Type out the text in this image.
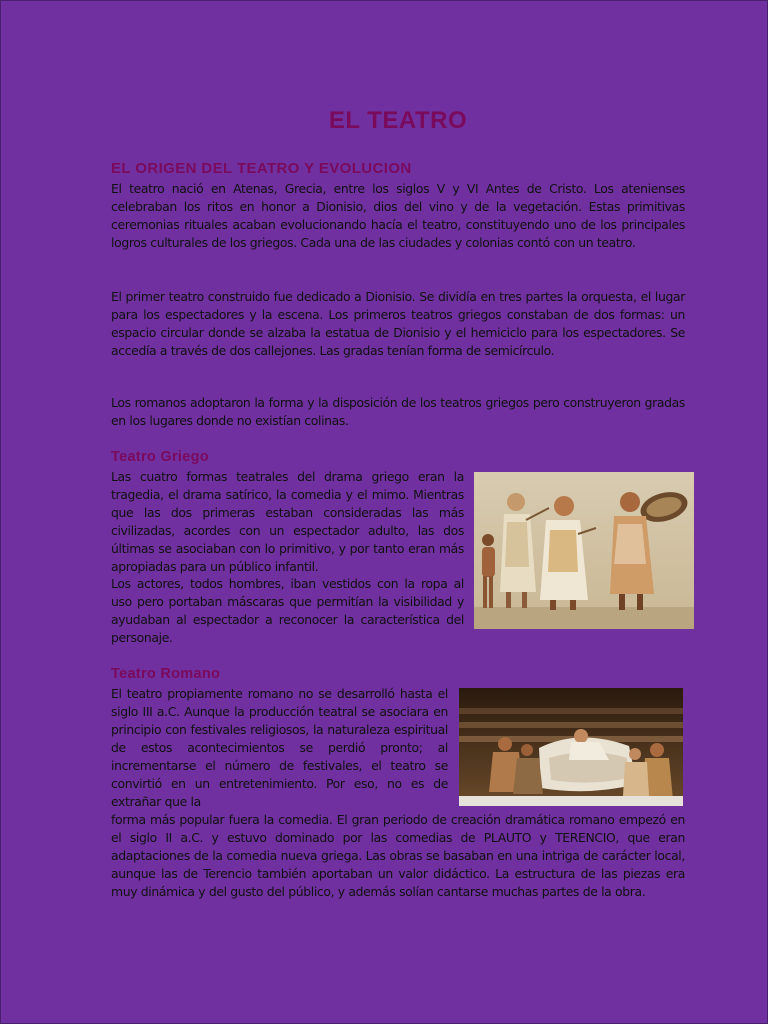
EL TEATRO
EL ORIGEN DEL TEATRO Y EVOLUCION
El teatro nació en Atenas, Grecia, entre los siglos V y VI Antes de Cristo. Los atenienses celebraban los ritos en honor a Dionisio, dios del vino y de la vegetación. Estas primitivas ceremonias rituales acaban evolucionando hacía el teatro, constituyendo uno de los principales logros culturales de los griegos. Cada una de las ciudades y colonias contó con un teatro.
El primer teatro construido fue dedicado a Dionisio. Se dividía en tres partes la orquesta, el lugar para los espectadores y la escena. Los primeros teatros griegos constaban de dos formas: un espacio circular donde se alzaba la estatua de Dionisio y el hemiciclo para los espectadores. Se accedía a través de dos callejones. Las gradas tenían forma de semicírculo.
Los romanos adoptaron la forma y la disposición de los teatros griegos pero construyeron gradas en los lugares donde no existían colinas.
Teatro Griego
Las cuatro formas teatrales del drama griego eran la tragedia, el drama satírico, la comedia y el mimo. Mientras que las dos primeras estaban consideradas las más civilizadas, acordes con un espectador adulto, las dos últimas se asociaban con lo primitivo, y por tanto eran más apropiadas para un público infantil.
Los actores, todos hombres, iban vestidos con la ropa al uso pero portaban máscaras que permitían la visibilidad y ayudaban al espectador a reconocer la característica del personaje.
Teatro Romano
El teatro propiamente romano no se desarrolló hasta el siglo III a.C. Aunque la producción teatral se asociara en principio con festivales religiosos, la naturaleza espiritual de estos acontecimientos se perdió pronto; al incrementarse el número de festivales, el teatro se convirtió en un entretenimiento. Por eso, no es de extrañar que la
forma más popular fuera la comedia. El gran periodo de creación dramática romano empezó en el siglo II a.C. y estuvo dominado por las comedias de PLAUTO y TERENCIO, que eran adaptaciones de la comedia nueva griega. Las obras se basaban en una intriga de carácter local, aunque las de Terencio también aportaban un valor didáctico. La estructura de las piezas era muy dinámica y del gusto del público, y además solían cantarse muchas partes de la obra.
